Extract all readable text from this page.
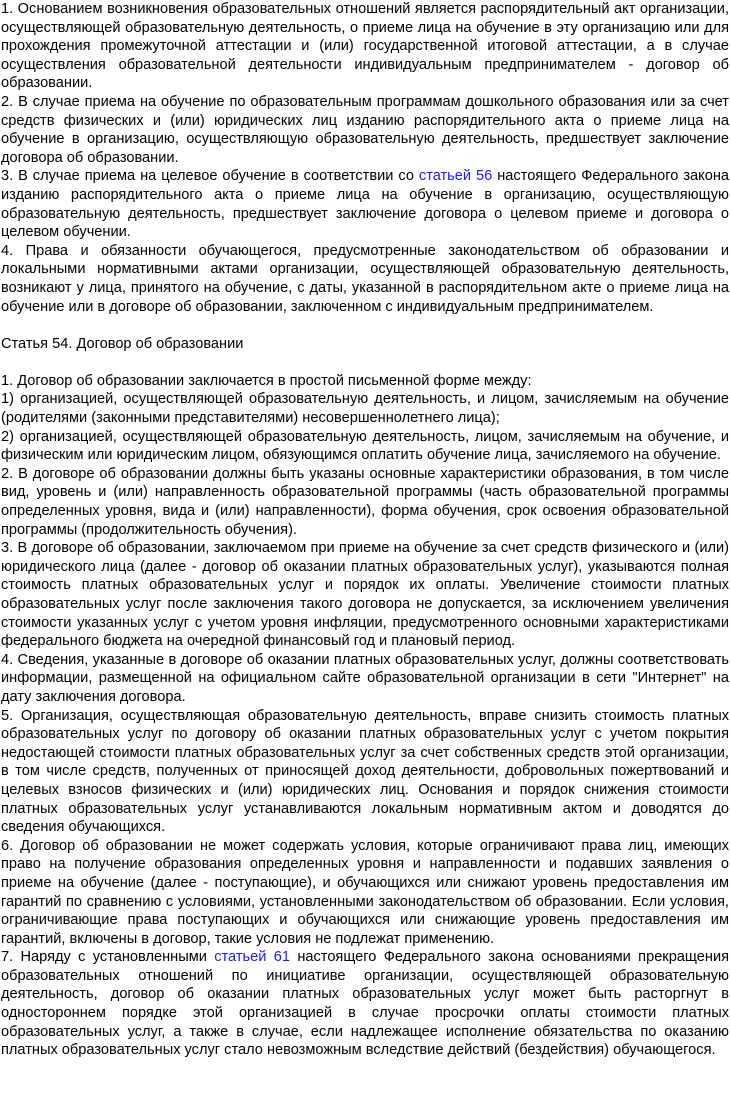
1. Основанием возникновения образовательных отношений является распорядительный акт организации, осуществляющей образовательную деятельность, о приеме лица на обучение в эту организацию или для прохождения промежуточной аттестации и (или) государственной итоговой аттестации, а в случае осуществления образовательной деятельности индивидуальным предпринимателем - договор об образовании.

2. В случае приема на обучение по образовательным программам дошкольного образования или за счет средств физических и (или) юридических лиц изданию распорядительного акта о приеме лица на обучение в организацию, осуществляющую образовательную деятельность, предшествует заключение договора об образовании.

3. В случае приема на целевое обучение в соответствии со статьей 56 настоящего Федерального закона изданию распорядительного акта о приеме лица на обучение в организацию, осуществляющую образовательную деятельность, предшествует заключение договора о целевом приеме и договора о целевом обучении.

4. Права и обязанности обучающегося, предусмотренные законодательством об образовании и локальными нормативными актами организации, осуществляющей образовательную деятельность, возникают у лица, принятого на обучение, с даты, указанной в распорядительном акте о приеме лица на обучение или в договоре об образовании, заключенном с индивидуальным предпринимателем.

Статья 54. Договор об образовании

1. Договор об образовании заключается в простой письменной форме между:

1) организацией, осуществляющей образовательную деятельность, и лицом, зачисляемым на обучение (родителями (законными представителями) несовершеннолетнего лица);

2) организацией, осуществляющей образовательную деятельность, лицом, зачисляемым на обучение, и физическим или юридическим лицом, обязующимся оплатить обучение лица, зачисляемого на обучение.

2. В договоре об образовании должны быть указаны основные характеристики образования, в том числе вид, уровень и (или) направленность образовательной программы (часть образовательной программы определенных уровня, вида и (или) направленности), форма обучения, срок освоения образовательной программы (продолжительность обучения).

3. В договоре об образовании, заключаемом при приеме на обучение за счет средств физического и (или) юридического лица (далее - договор об оказании платных образовательных услуг), указываются полная стоимость платных образовательных услуг и порядок их оплаты. Увеличение стоимости платных образовательных услуг после заключения такого договора не допускается, за исключением увеличения стоимости указанных услуг с учетом уровня инфляции, предусмотренного основными характеристиками федерального бюджета на очередной финансовый год и плановый период.

4. Сведения, указанные в договоре об оказании платных образовательных услуг, должны соответствовать информации, размещенной на официальном сайте образовательной организации в сети "Интернет" на дату заключения договора.

5. Организация, осуществляющая образовательную деятельность, вправе снизить стоимость платных образовательных услуг по договору об оказании платных образовательных услуг с учетом покрытия недостающей стоимости платных образовательных услуг за счет собственных средств этой организации, в том числе средств, полученных от приносящей доход деятельности, добровольных пожертвований и целевых взносов физических и (или) юридических лиц. Основания и порядок снижения стоимости платных образовательных услуг устанавливаются локальным нормативным актом и доводятся до сведения обучающихся.

6. Договор об образовании не может содержать условия, которые ограничивают права лиц, имеющих право на получение образования определенных уровня и направленности и подавших заявления о приеме на обучение (далее - поступающие), и обучающихся или снижают уровень предоставления им гарантий по сравнению с условиями, установленными законодательством об образовании. Если условия, ограничивающие права поступающих и обучающихся или снижающие уровень предоставления им гарантий, включены в договор, такие условия не подлежат применению.

7. Наряду с установленными статьей 61 настоящего Федерального закона основаниями прекращения образовательных отношений по инициативе организации, осуществляющей образовательную деятельность, договор об оказании платных образовательных услуг может быть расторгнут в одностороннем порядке этой организацией в случае просрочки оплаты стоимости платных образовательных услуг, а также в случае, если надлежащее исполнение обязательства по оказанию платных образовательных услуг стало невозможным вследствие действий (бездействия) обучающегося.
